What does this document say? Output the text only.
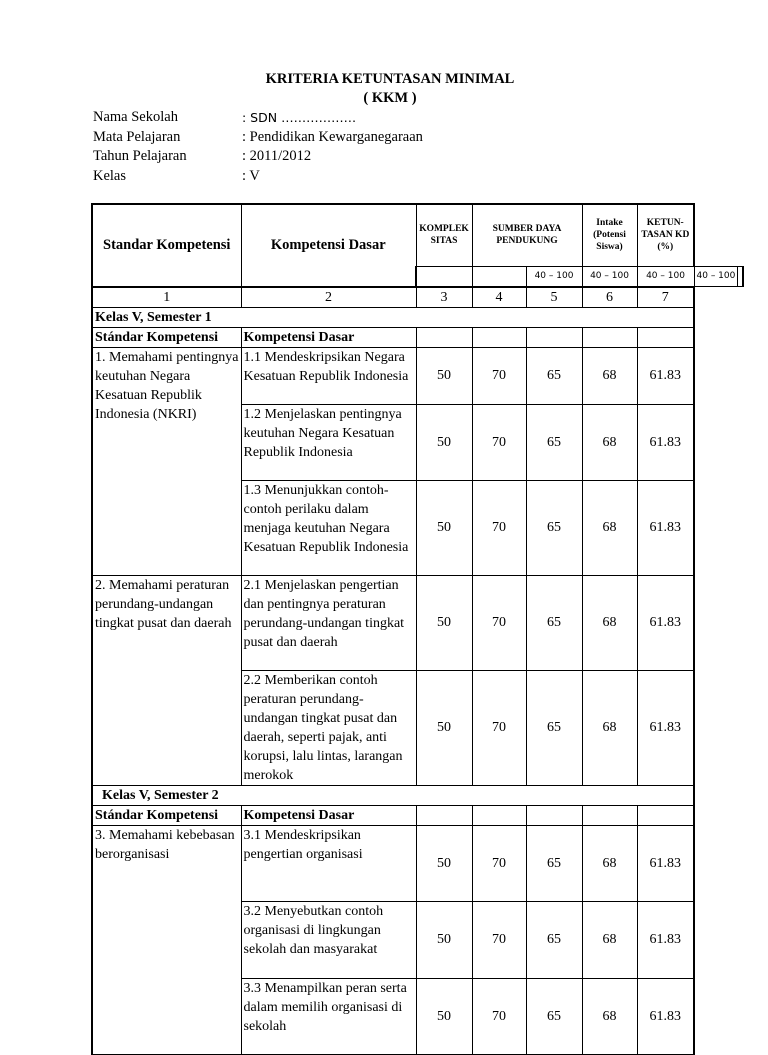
KRITERIA KETUNTASAN MINIMAL
( KKM )
Nama Sekolah	: SDN ………………
Mata Pelajaran	: Pendidikan Kewarganegaraan
Tahun Pelajaran	: 2011/2012
Kelas	: V
Standar Kompetensi	Kompetensi Dasar	KOMPLEK SITAS	SUMBER DAYA PENDUKUNG		Intake (Potensi Siswa)	KETUN-TASAN KD (%)		
				40 – 100	40 – 100	40 – 100	40 – 100	
1	2	3	4	5	6	7		
Kelas V, Semester 1								
Stándar Kompetensi	Kompetensi Dasar							
1. Memahami pentingnya keutuhan Negara Kesatuan Republik Indonesia (NKRI)	1.1 Mendeskripsikan Negara Kesatuan Republik Indonesia	50	70	65	68	61.83		
	1.2 Menjelaskan pentingnya keutuhan Negara Kesatuan Republik Indonesia	50	70	65	68	61.83		
	1.3 Menunjukkan contoh-contoh perilaku dalam menjaga keutuhan Negara Kesatuan Republik Indonesia	50	70	65	68	61.83		
2. Memahami peraturan perundang-undangan tingkat pusat dan daerah	2.1 Menjelaskan pengertian dan pentingnya peraturan perundang-undangan tingkat pusat dan daerah	50	70	65	68	61.83		
	2.2 Memberikan contoh peraturan perundang-undangan tingkat pusat dan daerah, seperti pajak, anti korupsi, lalu lintas, larangan merokok	50	70	65	68	61.83		
Kelas V, Semester 2								
Stándar Kompetensi	Kompetensi Dasar							
3. Memahami kebebasan berorganisasi	3.1 Mendeskripsikan pengertian organisasi	50	70	65	68	61.83		
	3.2 Menyebutkan contoh organisasi di lingkungan sekolah dan masyarakat	50	70	65	68	61.83		
	3.3 Menampilkan peran serta dalam memilih organisasi di sekolah	50	70	65	68	61.83		
